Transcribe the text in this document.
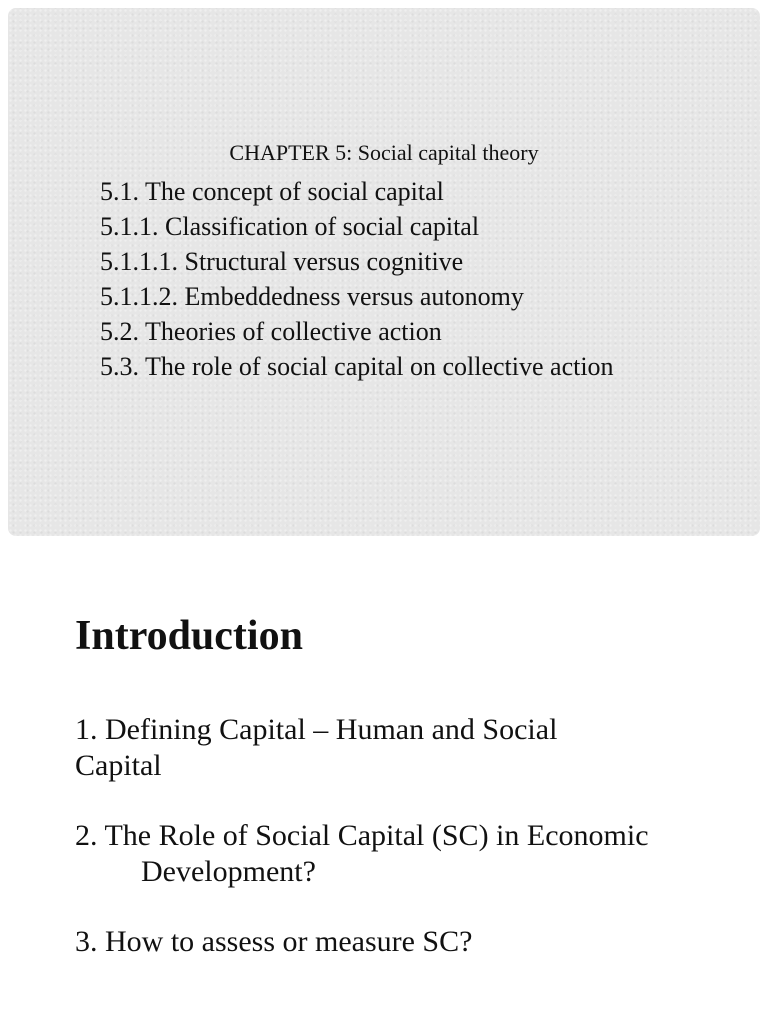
CHAPTER 5: Social capital theory
5.1. The concept of social capital
5.1.1. Classification of social capital
5.1.1.1. Structural versus cognitive
5.1.1.2. Embeddedness versus autonomy
5.2. Theories of collective action
5.3. The role of social capital on collective action
Introduction

1. Defining Capital – Human and Social Capital

2. The Role of Social Capital (SC) in Economic
Development?

3. How to assess or measure SC?
